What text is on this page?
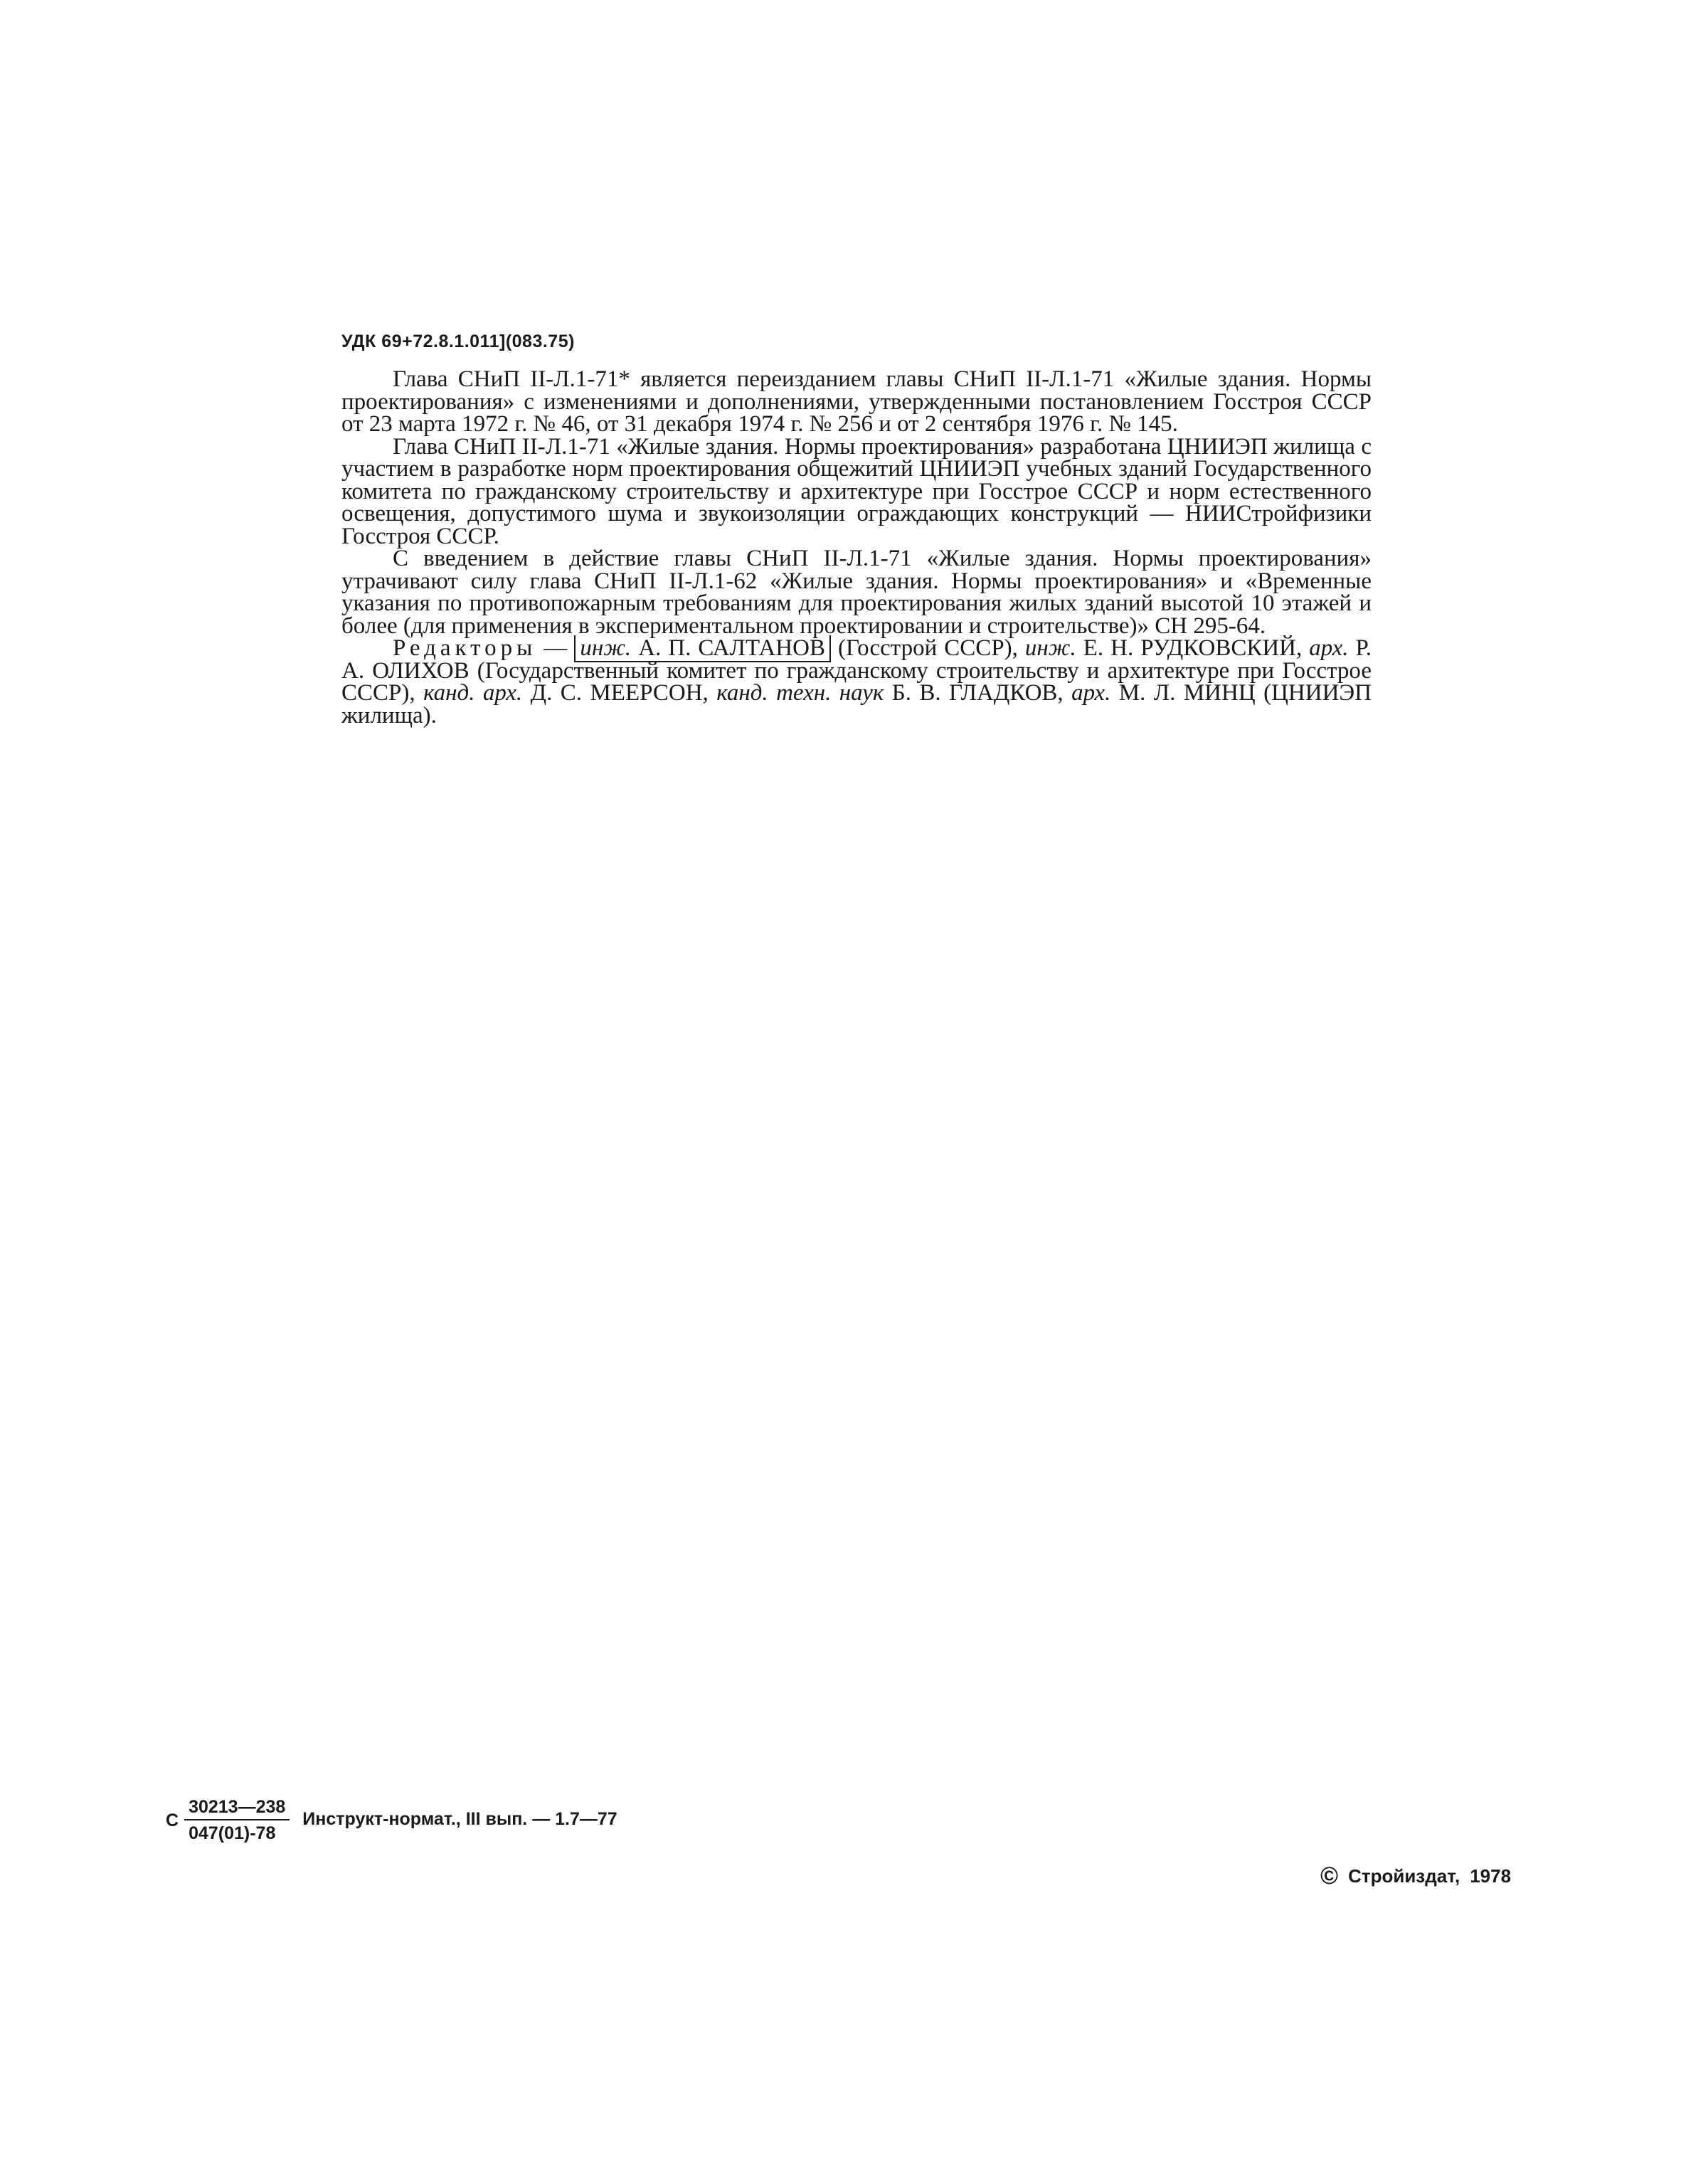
УДК 69+72.8.1.011](083.75)

Глава СНиП II-Л.1-71* является переизданием главы СНиП II-Л.1-71 «Жилые здания. Нормы проектирования» с изменениями и дополнениями, утвержденными постановлением Госстроя СССР от 23 марта 1972 г. № 46, от 31 декабря 1974 г. № 256 и от 2 сентября 1976 г. № 145.

Глава СНиП II-Л.1-71 «Жилые здания. Нормы проектирования» разработана ЦНИИЭП жилища с участием в разработке норм проектирования общежитий ЦНИИЭП учебных зданий Государственного комитета по гражданскому строительству и архитектуре при Госстрое СССР и норм естественного освещения, допустимого шума и звукоизоляции ограждающих конструкций — НИИСтройфизики Госстроя СССР.

С введением в действие главы СНиП II-Л.1-71 «Жилые здания. Нормы проектирования» утрачивают силу глава СНиП II-Л.1-62 «Жилые здания. Нормы проектирования» и «Временные указания по противопожарным требованиям для проектирования жилых зданий высотой 10 этажей и более (для применения в экспериментальном проектировании и строительстве)» СН 295-64.

Редакторы — инж. А. П. САЛТАНОВ (Госстрой СССР), инж. Е. Н. РУДКОВСКИЙ, арх. Р. А. ОЛИХОВ (Государственный комитет по гражданскому строительству и архитектуре при Госстрое СССР), канд. арх. Д. С. МЕЕРСОН, канд. техн. наук Б. В. ГЛАДКОВ, арх. М. Л. МИНЦ (ЦНИИЭП жилища).

С $\frac{30213—238}{047(01)-78}$ Инструкт-нормат., III вып. — 1.7—77
© Стройиздат, 1978
